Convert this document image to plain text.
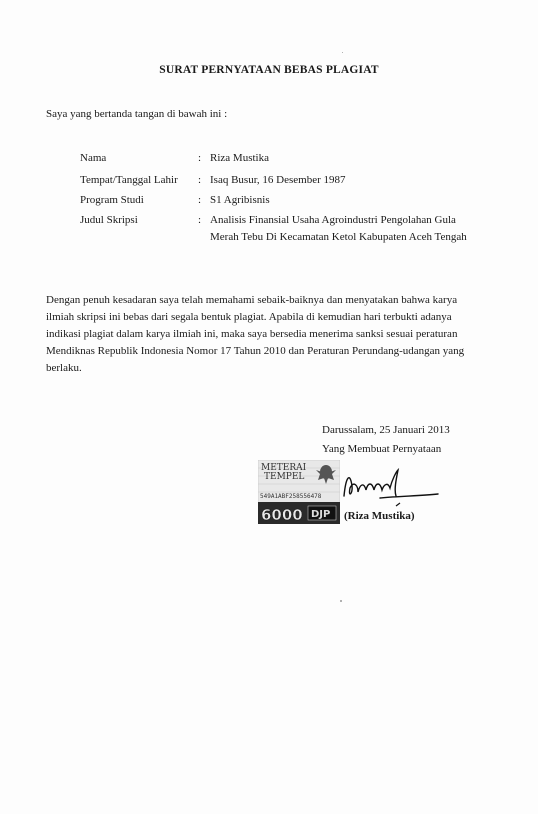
SURAT PERNYATAAN BEBAS PLAGIAT
Saya yang bertanda tangan di bawah ini :
Nama	: Riza Mustika
Tempat/Tanggal Lahir	: Isaq Busur, 16 Desember 1987
Program Studi	: S1 Agribisnis
Judul Skripsi	: Analisis Finansial Usaha Agroindustri Pengolahan Gula
Merah Tebu Di Kecamatan Ketol Kabupaten Aceh Tengah

Dengan penuh kesadaran saya telah memahami sebaik-baiknya dan menyatakan bahwa karya

ilmiah skripsi ini bebas dari segala bentuk plagiat. Apabila di kemudian hari terbukti adanya

indikasi plagiat dalam karya ilmiah ini, maka saya bersedia menerima sanksi sesuai peraturan

Mendiknas Republik Indonesia Nomor 17 Tahun 2010 dan Peraturan Perundang-udangan yang

berlaku.

Darussalam, 25 Januari 2013
Yang Membuat Pernyataan
METERAI
TEMPEL
549A1ABF258556478
6000 DJP (Riza Mustika)
